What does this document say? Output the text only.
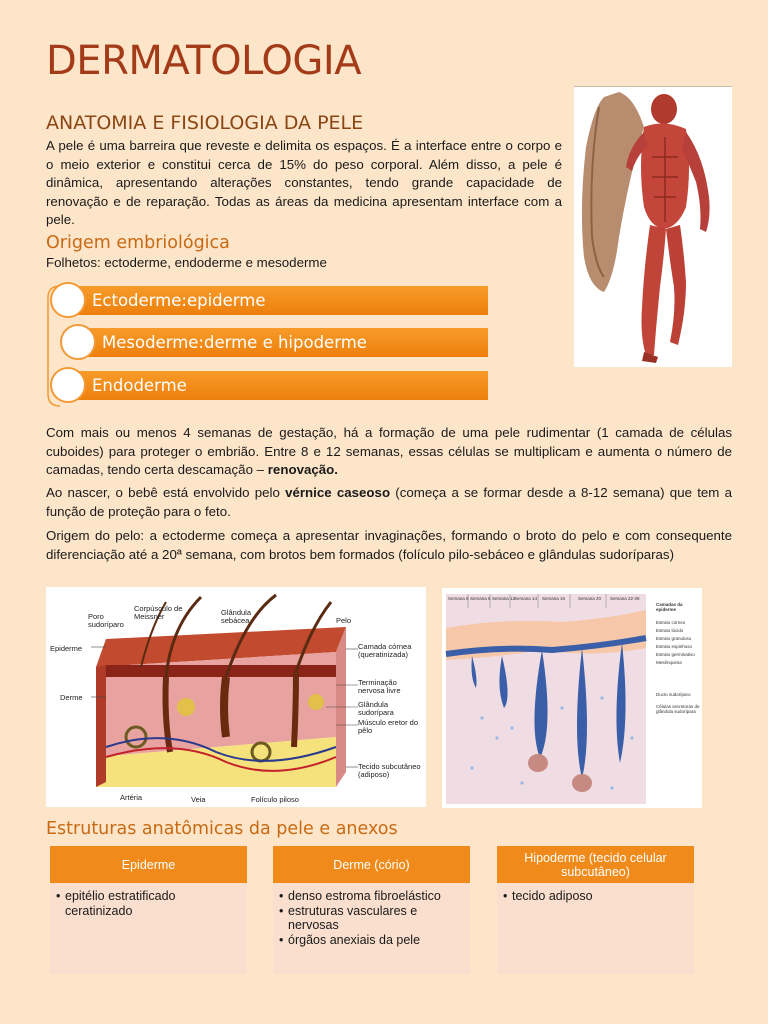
DERMATOLOGIA
ANATOMIA E FISIOLOGIA DA PELE

A pele é uma barreira que reveste e delimita os espaços. É a interface entre o corpo e o meio exterior e constitui cerca de 15% do peso corporal. Além disso, a pele é dinâmica, apresentando alterações constantes, tendo grande capacidade de renovação e de reparação. Todas as áreas da medicina apresentam interface com a pele.

Origem embriológica
Folhetos: ectoderme, endoderme e mesoderme
Ectoderme: epiderme
Mesoderme: derme e hipoderme
Endoderme

Com mais ou menos 4 semanas de gestação, há a formação de uma pele rudimentar (1 camada de células cuboides) para proteger o embrião. Entre 8 e 12 semanas, essas células se multiplicam e aumenta o número de camadas, tendo certa descamação – renovação.

Ao nascer, o bebê está envolvido pelo vérnice caseoso (começa a se formar desde a 8-12 semana) que tem a função de proteção para o feto.

Origem do pelo: a ectoderme começa a apresentar invaginações, formando o broto do pelo e com consequente diferenciação até a 20ª semana, com brotos bem formados (folículo pilo-sebáceo e glândulas sudoríparas)

Poro sudoríparo
Corpúsculo de Meissner	Glândula sebácea	Pelo
Epiderme
Derme
Camada córnea (queratinizada)
Terminação nervosa livre
Glândula sudorípara
Músculo eretor do pêlo
Tecido subcutâneo (adiposo)
Artéria	Veia	Folículo piloso
Semana 5 Semana 6 Semana 12
Semana 14 Semana 16	Semana 20 Semana 22-28
Camadas da epiderme
Estrato córneo
Estrato lúcido
Estrato granuloso
Estrato espinhoso
Estrato germinativo
Mesênquima
Ducto sudoríparo
Células secretoras de glândula sudorípara
Estruturas anatômicas da pele e anexos
Epiderme
• epitélio estratificado ceratinizado
Derme (cório)
• denso estroma fibroelástico
• estruturas vasculares e nervosas
• órgãos anexiais da pele
Hipoderme (tecido celular subcutâneo)
• tecido adiposo
